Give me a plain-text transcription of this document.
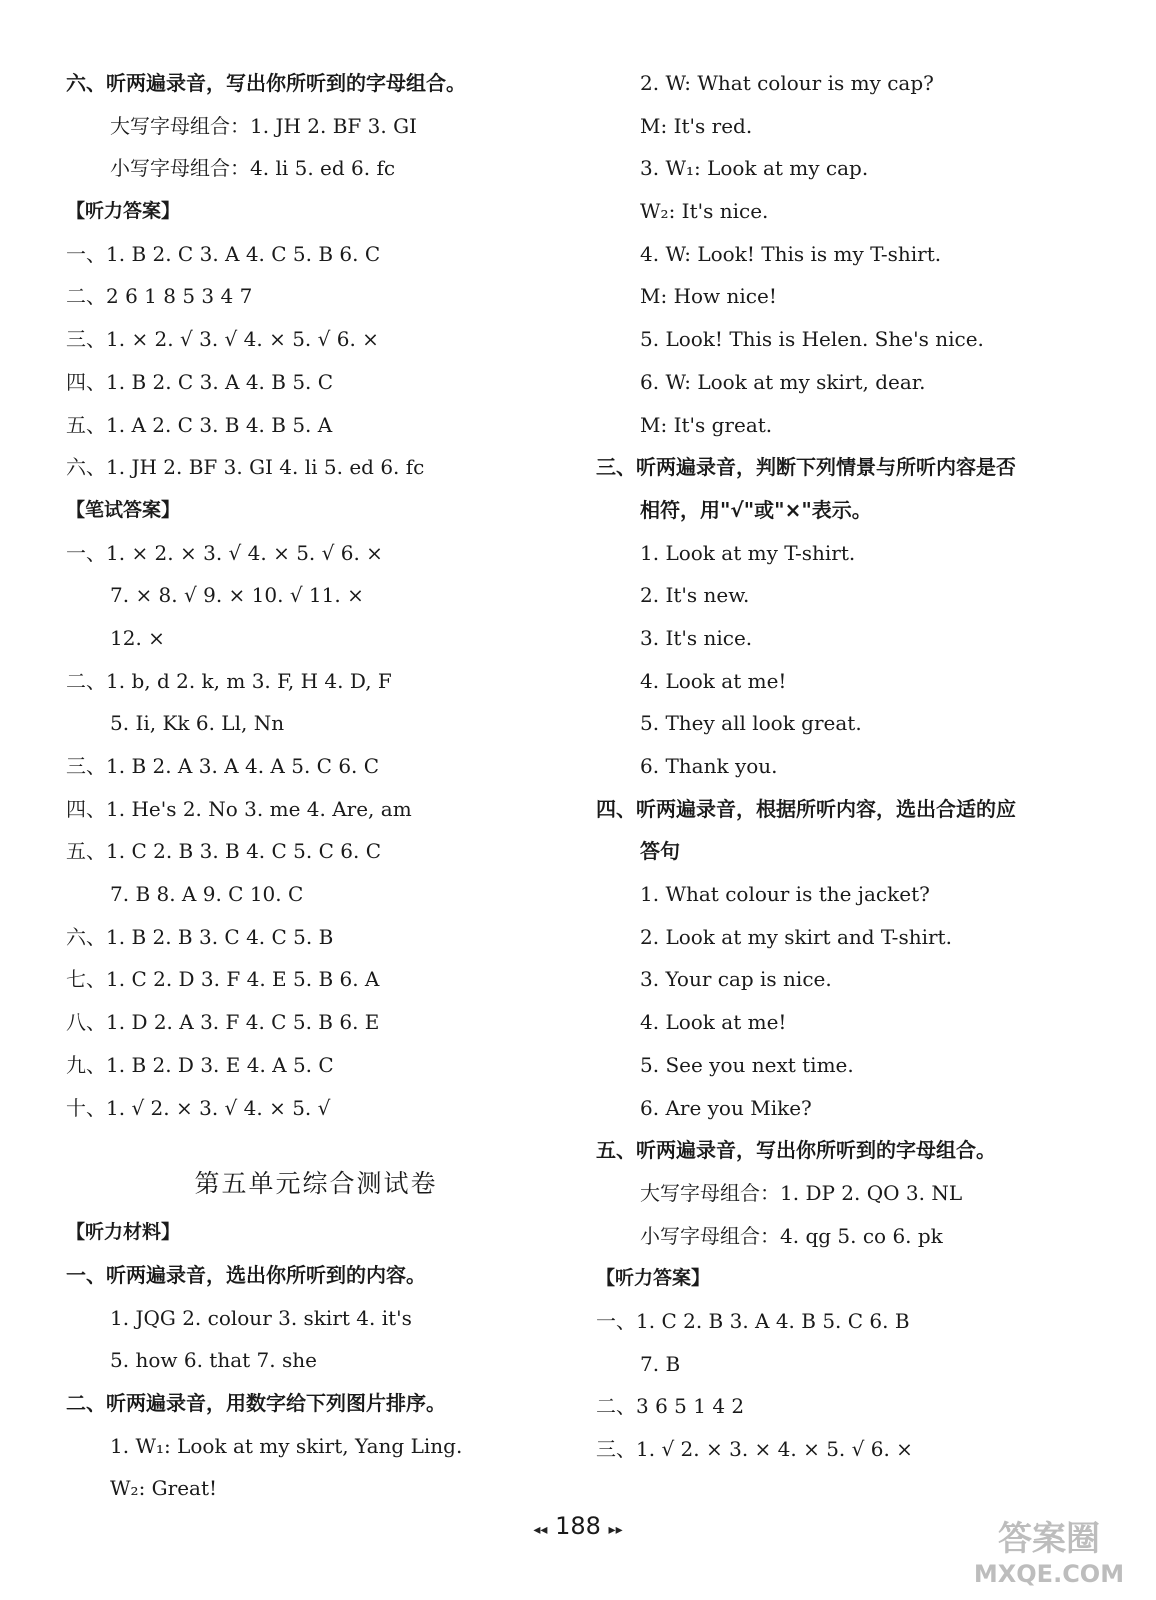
六、听两遍录音，写出你所听到的字母组合。
大写字母组合：1. JH 2. BF 3. GI
小写字母组合：4. li 5. ed 6. fc
【听力答案】
一、1. B 2. C 3. A 4. C 5. B 6. C
二、2 6 1 8 5 3 4 7
三、1. × 2. √ 3. √ 4. × 5. √ 6. ×
四、1. B 2. C 3. A 4. B 5. C
五、1. A 2. C 3. B 4. B 5. A
六、1. JH 2. BF 3. GI 4. li 5. ed 6. fc
【笔试答案】
一、1. × 2. × 3. √ 4. × 5. √ 6. ×
7. × 8. √ 9. × 10. √ 11. ×
12. ×
二、1. b, d 2. k, m 3. F, H 4. D, F
5. Ii, Kk 6. Ll, Nn
三、1. B 2. A 3. A 4. A 5. C 6. C
四、1. He's 2. No 3. me 4. Are, am
五、1. C 2. B 3. B 4. C 5. C 6. C
7. B 8. A 9. C 10. C
六、1. B 2. B 3. C 4. C 5. B
七、1. C 2. D 3. F 4. E 5. B 6. A
八、1. D 2. A 3. F 4. C 5. B 6. E
九、1. B 2. D 3. E 4. A 5. C
十、1. √ 2. × 3. √ 4. × 5. √
第五单元综合测试卷
【听力材料】
一、听两遍录音，选出你所听到的内容。
1. JQG 2. colour 3. skirt 4. it's
5. how 6. that 7. she
二、听两遍录音，用数字给下列图片排序。
1. W₁: Look at my skirt, Yang Ling.
W₂: Great!
2. W: What colour is my cap?
M: It's red.
3. W₁: Look at my cap.
W₂: It's nice.
4. W: Look! This is my T-shirt.
M: How nice!
5. Look! This is Helen. She's nice.
6. W: Look at my skirt, dear.
M: It's great.
三、听两遍录音，判断下列情景与所听内容是否
相符，用"√"或"×"表示。
1. Look at my T-shirt.
2. It's new.
3. It's nice.
4. Look at me!
5. They all look great.
6. Thank you.
四、听两遍录音，根据所听内容，选出合适的应
答句
1. What colour is the jacket?
2. Look at my skirt and T-shirt.
3. Your cap is nice.
4. Look at me!
5. See you next time.
6. Are you Mike?
五、听两遍录音，写出你所听到的字母组合。
大写字母组合：1. DP 2. QO 3. NL
小写字母组合：4. qg 5. co 6. pk
【听力答案】
一、1. C 2. B 3. A 4. B 5. C 6. B
7. B
二、3 6 5 1 4 2
三、1. √ 2. × 3. × 4. × 5. √ 6. ×
◂◂ 188 ▸▸	答案圈
MXQE.COM
